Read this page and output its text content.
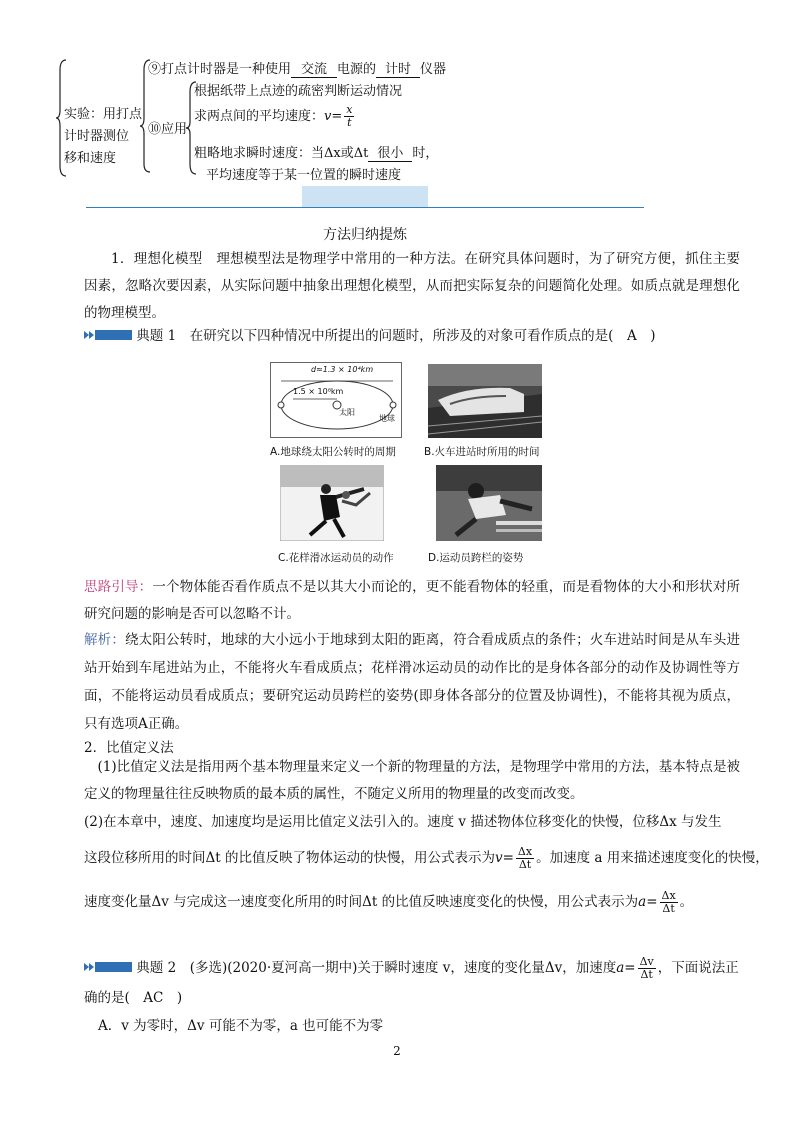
实验：用打点
计时器测位
移和速度
⑨打点计时器是一种使用 交流 电源的 计时 仪器
⑩应用
根据纸带上点迹的疏密判断运动情况
求两点间的平均速度：$v= \frac{x}{t}$
粗略地求瞬时速度：当Δx或Δt 很小 时，
平均速度等于某一位置的瞬时速度
方法归纳提炼
1．理想化模型　理想模型法是物理学中常用的一种方法。在研究具体问题时，为了研究方便，抓住主要因素，忽略次要因素，从实际问题中抽象出理想化模型，从而把实际复杂的问题简化处理。如质点就是理想化的物理模型。
典题 1　 在研究以下四种情况中所提出的问题时，所涉及的对象可看作质点的是(　A　)
d≈1.3 × 10⁴km
1.5 × 10⁸km
太阳
地球
A.地球绕太阳公转时的周期	B.火车进站时所用的时间
C.花样滑冰运动员的动作	D.运动员跨栏的姿势
思路引导：一个物体能否看作质点不是以其大小而论的，更不能看物体的轻重，而是看物体的大小和形状对所研究问题的影响是否可以忽略不计。
解析：绕太阳公转时，地球的大小远小于地球到太阳的距离，符合看成质点的条件；火车进站时间是从车头进站开始到车尾进站为止，不能将火车看成质点；花样滑冰运动员的动作比的是身体各部分的动作及协调性等方面，不能将运动员看成质点；要研究运动员跨栏的姿势(即身体各部分的位置及协调性)，不能将其视为质点，只有选项A正确。
2．比值定义法
(1)比值定义法是指用两个基本物理量来定义一个新的物理量的方法，是物理学中常用的方法，基本特点是被定义的物理量往往反映物质的最本质的属性，不随定义所用的物理量的改变而改变。
(2)在本章中，速度、加速度均是运用比值定义法引入的。速度 v 描述物体位移变化的快慢，位移Δx 与发生
这段位移所用的时间Δt 的比值反映了物体运动的快慢，用公式表示为$v= \frac{\Delta x}{\Delta t}$ 。加速度 a 用来描述速度变化的快慢，
速度变化量Δv 与完成这一速度变化所用的时间Δt 的比值反映速度变化的快慢，用公式表示为$a= \frac{\Delta x}{\Delta t}$ 。
典题 2　 (多选)(2020·夏河高一期中)关于瞬时速度 v，速度的变化量Δv，加速度$a= \frac{\Delta v}{\Delta t}$ ，下面说法正
确的是(　AC　)
A．v 为零时，Δv 可能不为零，a 也可能不为零
2
